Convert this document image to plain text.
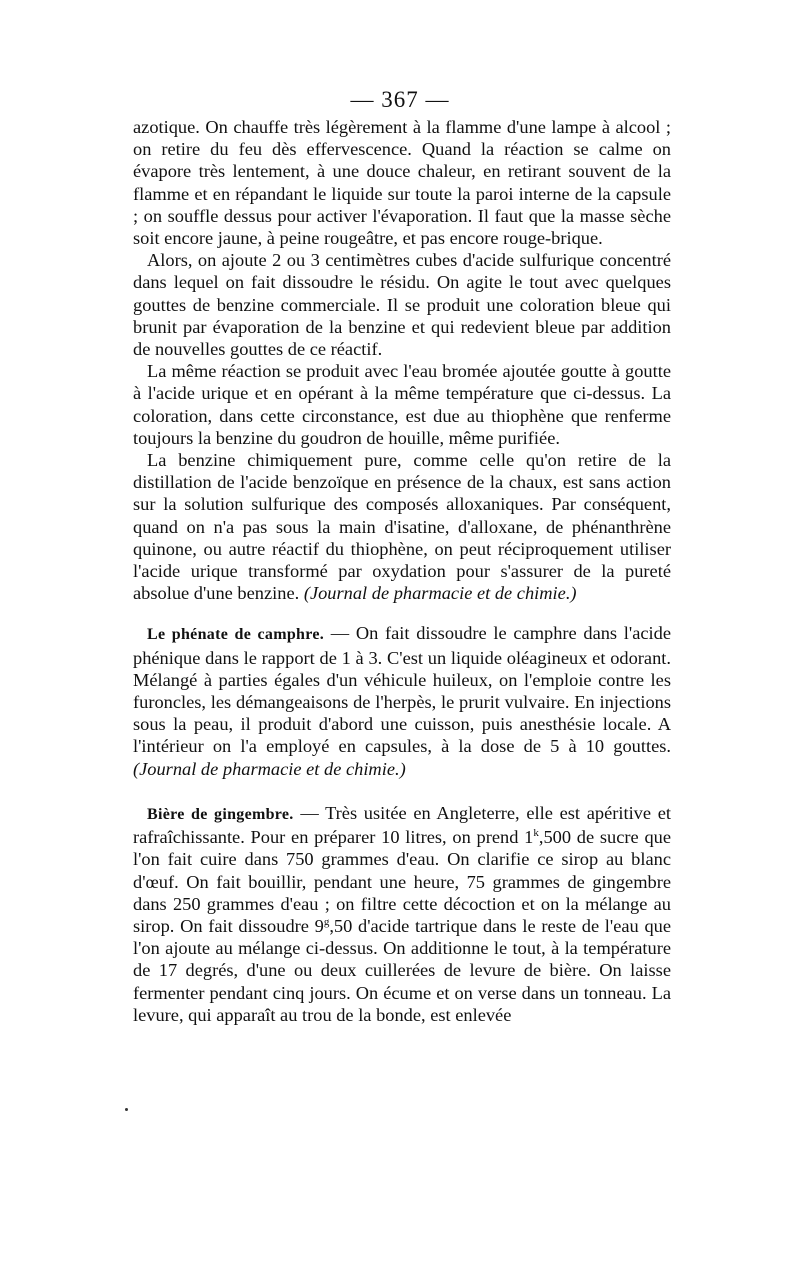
— 367 —

azotique. On chauffe très légèrement à la flamme d'une lampe à alcool ; on retire du feu dès effervescence. Quand la réaction se calme on évapore très lentement, à une douce chaleur, en retirant souvent de la flamme et en répandant le liquide sur toute la paroi interne de la capsule ; on souffle dessus pour activer l'évaporation. Il faut que la masse sèche soit encore jaune, à peine rougeâtre, et pas encore rouge-brique.

Alors, on ajoute 2 ou 3 centimètres cubes d'acide sulfurique concentré dans lequel on fait dissoudre le résidu. On agite le tout avec quelques gouttes de benzine commerciale. Il se produit une coloration bleue qui brunit par évaporation de la benzine et qui redevient bleue par addition de nouvelles gouttes de ce réactif.

La même réaction se produit avec l'eau bromée ajoutée goutte à goutte à l'acide urique et en opérant à la même température que ci-dessus. La coloration, dans cette circonstance, est due au thiophène que renferme toujours la benzine du goudron de houille, même purifiée.

La benzine chimiquement pure, comme celle qu'on retire de la distillation de l'acide benzoïque en présence de la chaux, est sans action sur la solution sulfurique des composés alloxaniques. Par conséquent, quand on n'a pas sous la main d'isatine, d'alloxane, de phénanthrène quinone, ou autre réactif du thiophène, on peut réciproquement utiliser l'acide urique transformé par oxydation pour s'assurer de la pureté absolue d'une benzine. (Journal de pharmacie et de chimie.)

Le phénate de camphre. — On fait dissoudre le camphre dans l'acide phénique dans le rapport de 1 à 3. C'est un liquide oléagineux et odorant. Mélangé à parties égales d'un véhicule huileux, on l'emploie contre les furoncles, les démangeaisons de l'herpès, le prurit vulvaire. En injections sous la peau, il produit d'abord une cuisson, puis anesthésie locale. A l'intérieur on l'a employé en capsules, à la dose de 5 à 10 gouttes. (Journal de pharmacie et de chimie.)

Bière de gingembre. — Très usitée en Angleterre, elle est apéritive et rafraîchissante. Pour en préparer 10 litres, on prend 1$^k$,500 de sucre que l'on fait cuire dans 750 grammes d'eau. On clarifie ce sirop au blanc d'œuf. On fait bouillir, pendant une heure, 75 grammes de gingembre dans 250 grammes d'eau ; on filtre cette décoction et on la mélange au sirop. On fait dissoudre 9$^g$,50 d'acide tartrique dans le reste de l'eau que l'on ajoute au mélange ci-dessus. On additionne le tout, à la température de 17 degrés, d'une ou deux cuillerées de levure de bière. On laisse fermenter pendant cinq jours. On écume et on verse dans un tonneau. La levure, qui apparaît au trou de la bonde, est enlevée
